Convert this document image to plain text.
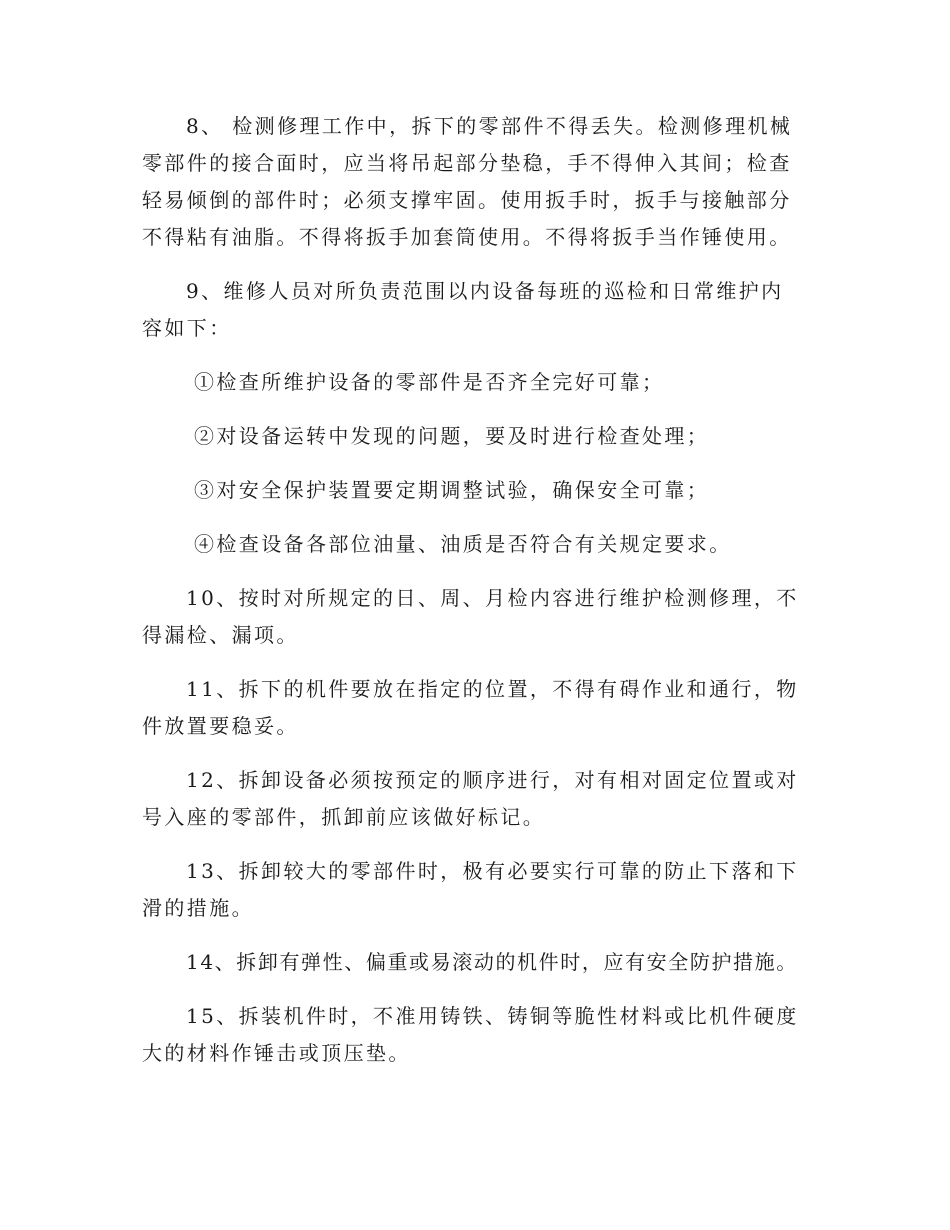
8、 检测修理工作中，拆下的零部件不得丢失。检测修理机械零部件的接合面时，应当将吊起部分垫稳，手不得伸入其间；检查轻易倾倒的部件时；必须支撑牢固。使用扳手时，扳手与接触部分不得粘有油脂。不得将扳手加套筒使用。不得将扳手当作锤使用。

9、维修人员对所负责范围以内设备每班的巡检和日常维护内容如下：

①检查所维护设备的零部件是否齐全完好可靠；
②对设备运转中发现的问题，要及时进行检查处理；
③对安全保护装置要定期调整试验，确保安全可靠；
④检查设备各部位油量、油质是否符合有关规定要求。

10、按时对所规定的日、周、月检内容进行维护检测修理，不得漏检、漏项。

11、拆下的机件要放在指定的位置，不得有碍作业和通行，物件放置要稳妥。

12、拆卸设备必须按预定的顺序进行，对有相对固定位置或对号入座的零部件，抓卸前应该做好标记。

13、拆卸较大的零部件时，极有必要实行可靠的防止下落和下滑的措施。

14、拆卸有弹性、偏重或易滚动的机件时，应有安全防护措施。

15、拆装机件时，不准用铸铁、铸铜等脆性材料或比机件硬度大的材料作锤击或顶压垫。
